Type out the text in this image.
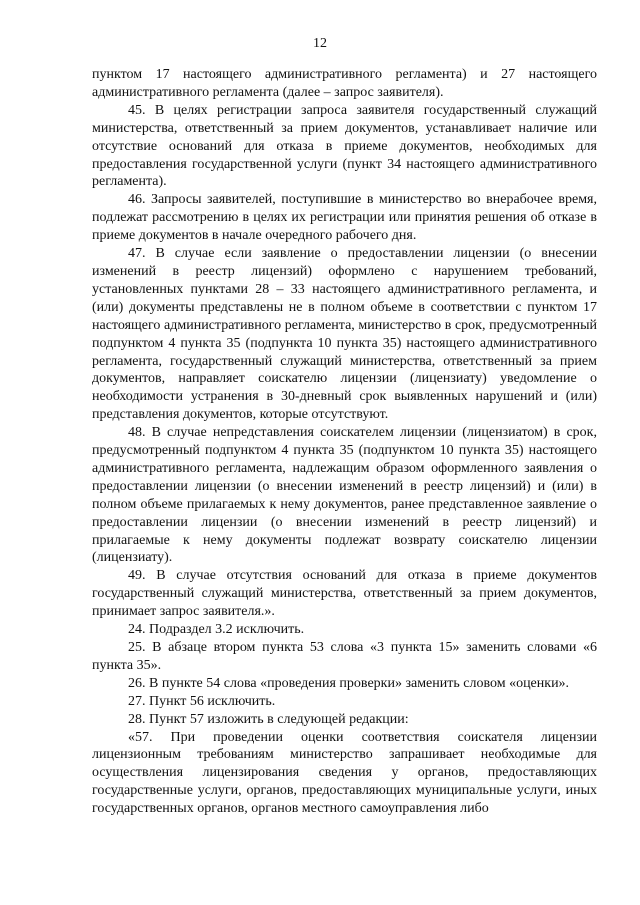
12

пунктом 17 настоящего административного регламента) и 27 настоящего административного регламента (далее – запрос заявителя).

45. В целях регистрации запроса заявителя государственный служащий министерства, ответственный за прием документов, устанавливает наличие или отсутствие оснований для отказа в приеме документов, необходимых для предоставления государственной услуги (пункт 34 настоящего административного регламента).

46. Запросы заявителей, поступившие в министерство во внерабочее время, подлежат рассмотрению в целях их регистрации или принятия решения об отказе в приеме документов в начале очередного рабочего дня.

47. В случае если заявление о предоставлении лицензии (о внесении изменений в реестр лицензий) оформлено с нарушением требований, установленных пунктами 28 – 33 настоящего административного регламента, и (или) документы представлены не в полном объеме в соответствии с пунктом 17 настоящего административного регламента, министерство в срок, предусмотренный подпунктом 4 пункта 35 (подпункта 10 пункта 35) настоящего административного регламента, государственный служащий министерства, ответственный за прием документов, направляет соискателю лицензии (лицензиату) уведомление о необходимости устранения в 30-дневный срок выявленных нарушений и (или) представления документов, которые отсутствуют.

48. В случае непредставления соискателем лицензии (лицензиатом) в срок, предусмотренный подпунктом 4 пункта 35 (подпунктом 10 пункта 35) настоящего административного регламента, надлежащим образом оформленного заявления о предоставлении лицензии (о внесении изменений в реестр лицензий) и (или) в полном объеме прилагаемых к нему документов, ранее представленное заявление о предоставлении лицензии (о внесении изменений в реестр лицензий) и прилагаемые к нему документы подлежат возврату соискателю лицензии (лицензиату).

49. В случае отсутствия оснований для отказа в приеме документов государственный служащий министерства, ответственный за прием документов, принимает запрос заявителя.».

24. Подраздел 3.2 исключить.

25. В абзаце втором пункта 53 слова «3 пункта 15» заменить словами «6 пункта 35».

26. В пункте 54 слова «проведения проверки» заменить словом «оценки».

27. Пункт 56 исключить.

28. Пункт 57 изложить в следующей редакции:

«57. При проведении оценки соответствия соискателя лицензии лицензионным требованиям министерство запрашивает необходимые для осуществления лицензирования сведения у органов, предоставляющих государственные услуги, органов, предоставляющих муниципальные услуги, иных государственных органов, органов местного самоуправления либо
